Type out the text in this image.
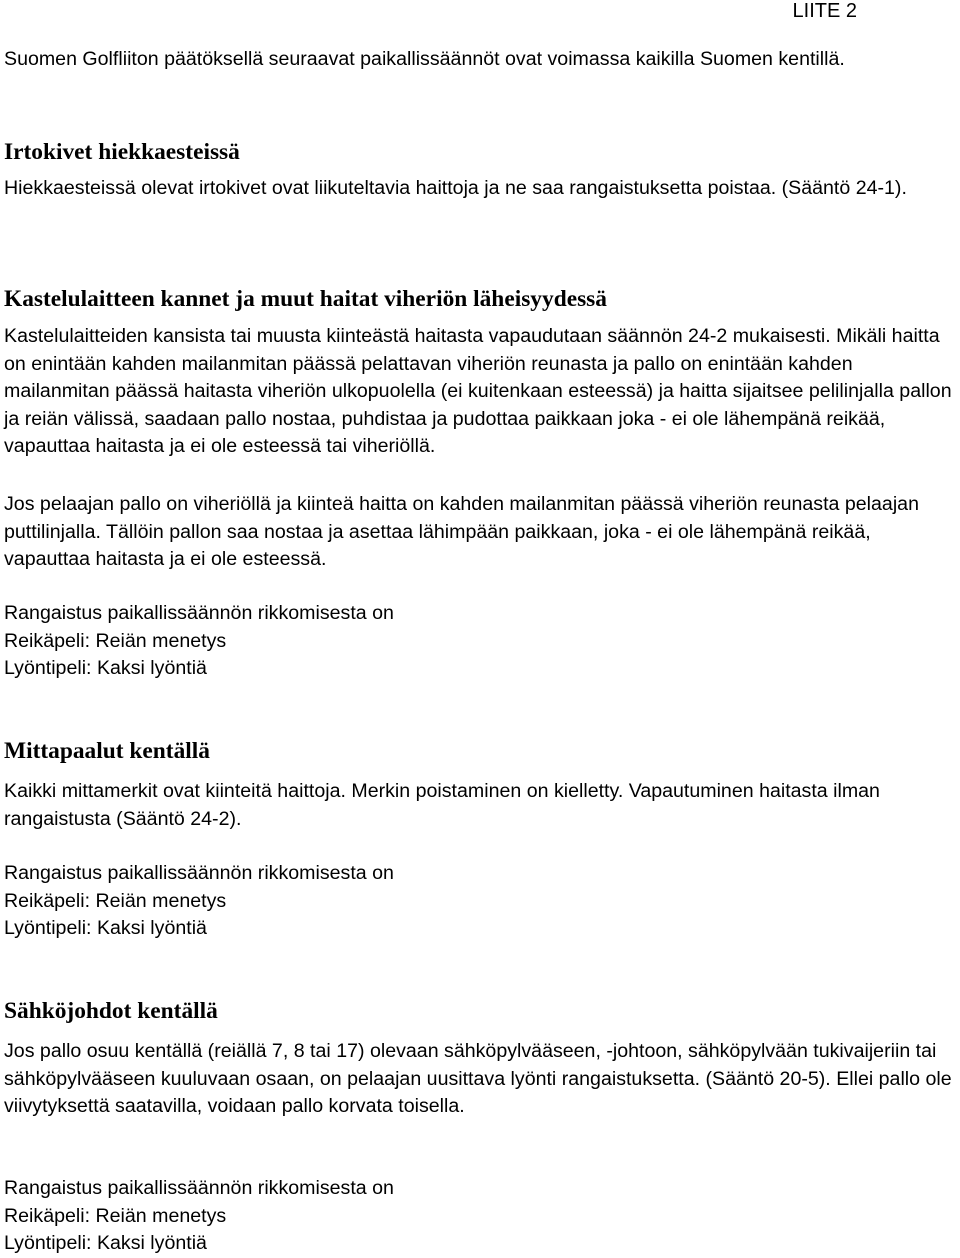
LIITE 2

Suomen Golfliiton päätöksellä seuraavat paikallissäännöt ovat voimassa kaikilla Suomen kentillä.

Irtokivet hiekkaesteissä

Hiekkaesteissä olevat irtokivet ovat liikuteltavia haittoja ja ne saa rangaistuksetta poistaa. (Sääntö 24-1).

Kastelulaitteen kannet ja muut haitat viheriön läheisyydessä

Kastelulaitteiden kansista tai muusta kiinteästä haitasta vapaudutaan säännön 24-2 mukaisesti. Mikäli haitta on enintään kahden mailanmitan päässä pelattavan viheriön reunasta ja pallo on enintään kahden mailanmitan päässä haitasta viheriön ulkopuolella (ei kuitenkaan esteessä) ja haitta sijaitsee pelilinjalla pallon ja reiän välissä, saadaan pallo nostaa, puhdistaa ja pudottaa paikkaan joka - ei ole lähempänä reikää, vapauttaa haitasta ja ei ole esteessä tai viheriöllä.

Jos pelaajan pallo on viheriöllä ja kiinteä haitta on kahden mailanmitan päässä viheriön reunasta pelaajan puttilinjalla. Tällöin pallon saa nostaa ja asettaa lähimpään paikkaan, joka - ei ole lähempänä reikää, vapauttaa haitasta ja ei ole esteessä.

Rangaistus paikallissäännön rikkomisesta on
Reikäpeli: Reiän menetys
Lyöntipeli: Kaksi lyöntiä
Mittapaalut kentällä

Kaikki mittamerkit ovat kiinteitä haittoja. Merkin poistaminen on kielletty. Vapautuminen haitasta ilman rangaistusta (Sääntö 24-2).

Rangaistus paikallissäännön rikkomisesta on
Reikäpeli: Reiän menetys
Lyöntipeli: Kaksi lyöntiä
Sähköjohdot kentällä

Jos pallo osuu kentällä (reiällä 7, 8 tai 17) olevaan sähköpylvääseen, -johtoon, sähköpylvään tukivaijeriin tai sähköpylvääseen kuuluvaan osaan, on pelaajan uusittava lyönti rangaistuksetta. (Sääntö 20-5). Ellei pallo ole viivytyksettä saatavilla, voidaan pallo korvata toisella.

Rangaistus paikallissäännön rikkomisesta on
Reikäpeli: Reiän menetys
Lyöntipeli: Kaksi lyöntiä
